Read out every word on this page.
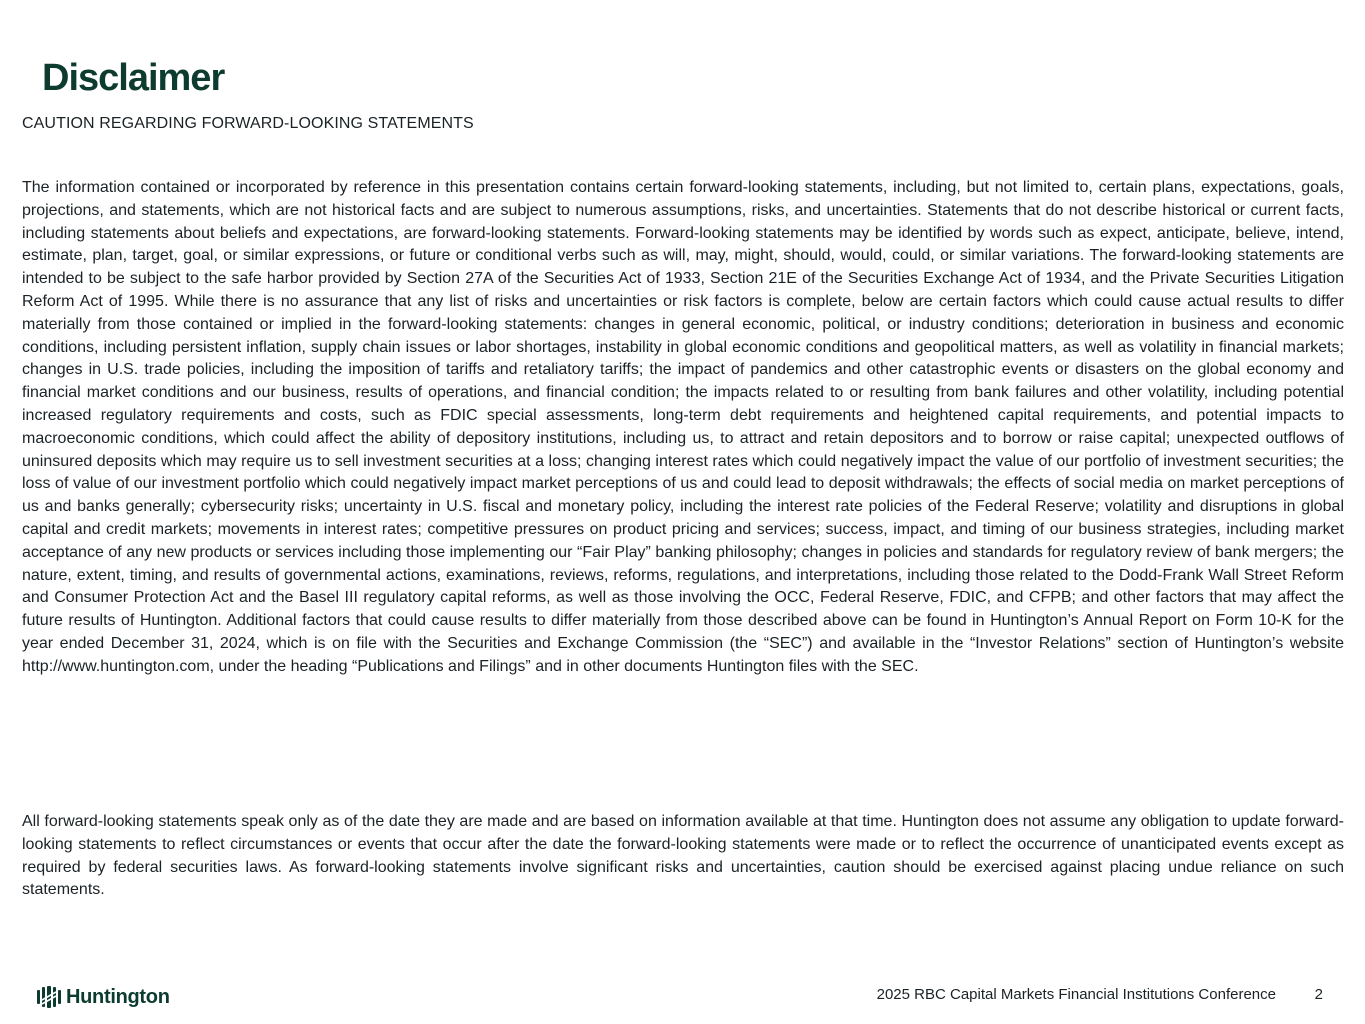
Disclaimer
CAUTION REGARDING FORWARD-LOOKING STATEMENTS

The information contained or incorporated by reference in this presentation contains certain forward-looking statements, including, but not limited to, certain plans, expectations, goals, projections, and statements, which are not historical facts and are subject to numerous assumptions, risks, and uncertainties. Statements that do not describe historical or current facts, including statements about beliefs and expectations, are forward-looking statements. Forward-looking statements may be identified by words such as expect, anticipate, believe, intend, estimate, plan, target, goal, or similar expressions, or future or conditional verbs such as will, may, might, should, would, could, or similar variations. The forward-looking statements are intended to be subject to the safe harbor provided by Section 27A of the Securities Act of 1933, Section 21E of the Securities Exchange Act of 1934, and the Private Securities Litigation Reform Act of 1995. While there is no assurance that any list of risks and uncertainties or risk factors is complete, below are certain factors which could cause actual results to differ materially from those contained or implied in the forward-looking statements: changes in general economic, political, or industry conditions; deterioration in business and economic conditions, including persistent inflation, supply chain issues or labor shortages, instability in global economic conditions and geopolitical matters, as well as volatility in financial markets; changes in U.S. trade policies, including the imposition of tariffs and retaliatory tariffs; the impact of pandemics and other catastrophic events or disasters on the global economy and financial market conditions and our business, results of operations, and financial condition; the impacts related to or resulting from bank failures and other volatility, including potential increased regulatory requirements and costs, such as FDIC special assessments, long-term debt requirements and heightened capital requirements, and potential impacts to macroeconomic conditions, which could affect the ability of depository institutions, including us, to attract and retain depositors and to borrow or raise capital; unexpected outflows of uninsured deposits which may require us to sell investment securities at a loss; changing interest rates which could negatively impact the value of our portfolio of investment securities; the loss of value of our investment portfolio which could negatively impact market perceptions of us and could lead to deposit withdrawals; the effects of social media on market perceptions of us and banks generally; cybersecurity risks; uncertainty in U.S. fiscal and monetary policy, including the interest rate policies of the Federal Reserve; volatility and disruptions in global capital and credit markets; movements in interest rates; competitive pressures on product pricing and services; success, impact, and timing of our business strategies, including market acceptance of any new products or services including those implementing our “Fair Play” banking philosophy; changes in policies and standards for regulatory review of bank mergers; the nature, extent, timing, and results of governmental actions, examinations, reviews, reforms, regulations, and interpretations, including those related to the Dodd-Frank Wall Street Reform and Consumer Protection Act and the Basel III regulatory capital reforms, as well as those involving the OCC, Federal Reserve, FDIC, and CFPB; and other factors that may affect the future results of Huntington. Additional factors that could cause results to differ materially from those described above can be found in Huntington’s Annual Report on Form 10-K for the year ended December 31, 2024, which is on file with the Securities and Exchange Commission (the “SEC”) and available in the “Investor Relations” section of Huntington’s website http://www.huntington.com, under the heading “Publications and Filings” and in other documents Huntington files with the SEC.

All forward-looking statements speak only as of the date they are made and are based on information available at that time. Huntington does not assume any obligation to update forward-looking statements to reflect circumstances or events that occur after the date the forward-looking statements were made or to reflect the occurrence of unanticipated events except as required by federal securities laws. As forward-looking statements involve significant risks and uncertainties, caution should be exercised against placing undue reliance on such statements.

Huntington	2025 RBC Capital Markets Financial Institutions Conference	2
